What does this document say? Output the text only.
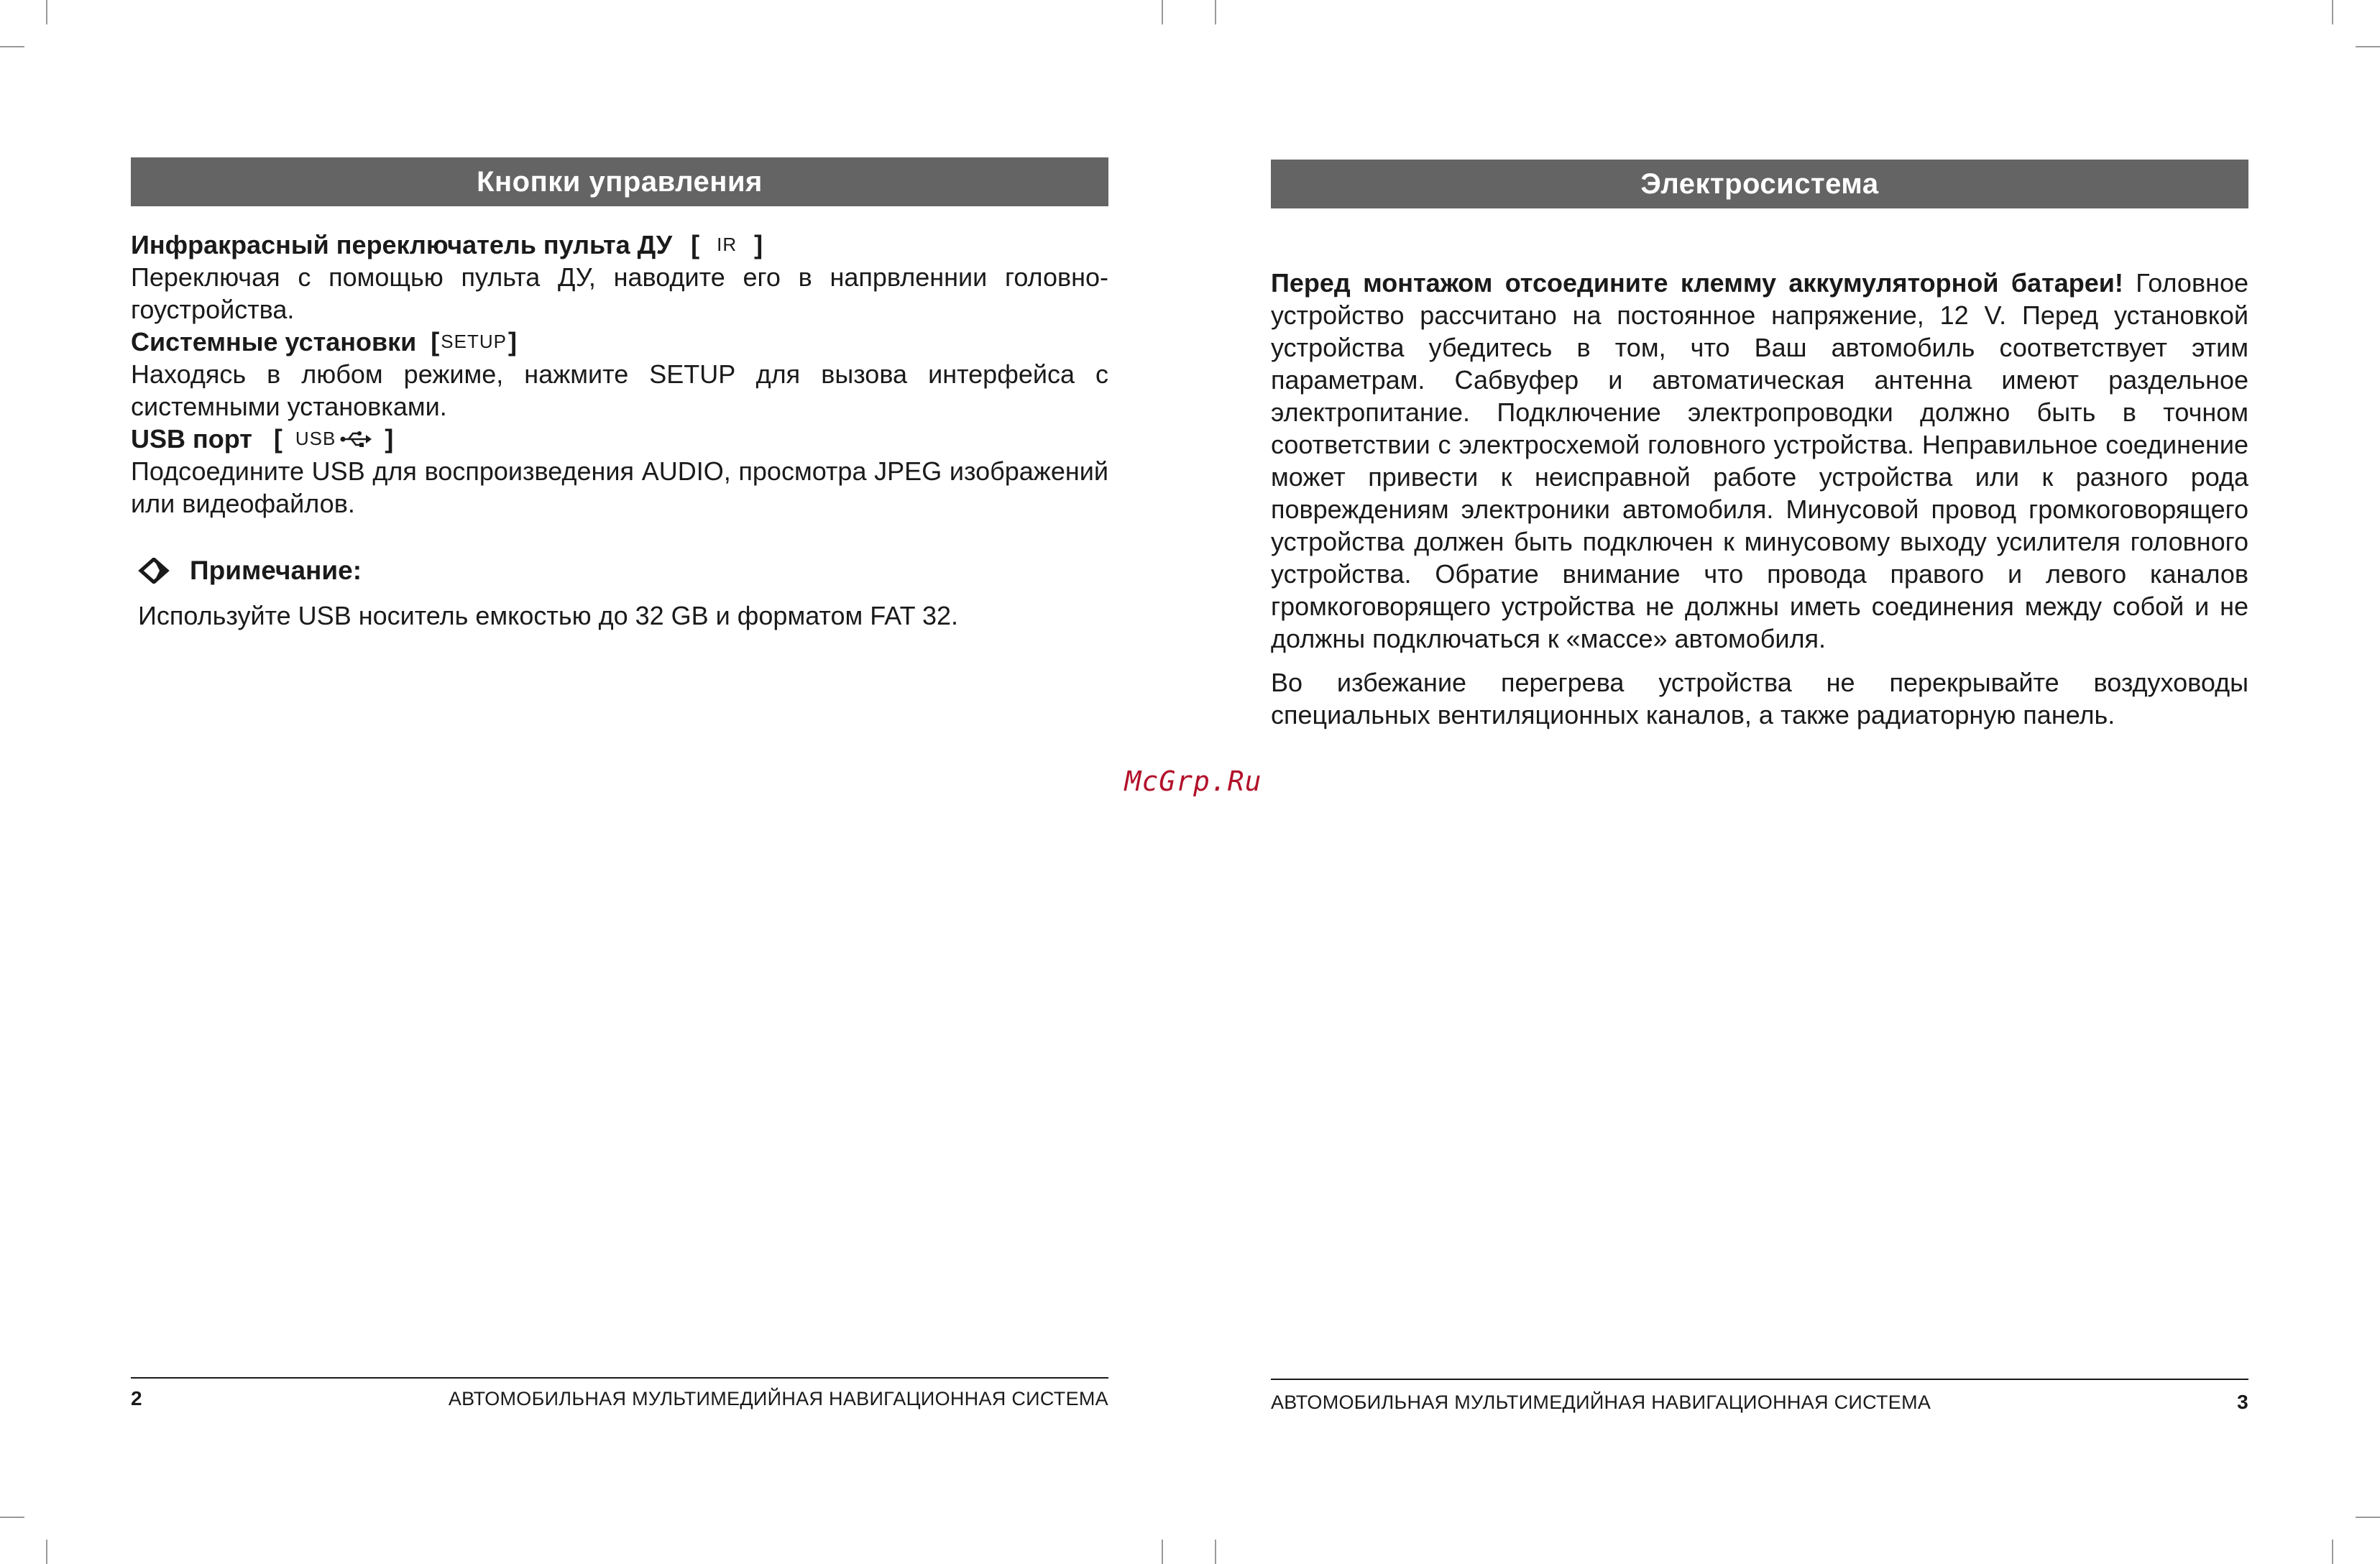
Кнопки управления
Инфракрасный переключатель пульта ДУ [ IR ]

Переключая с помощью пульта ДУ, наводите его в напрвленнии головно-гоустройства.

Системные установки [ SETUP ]

Находясь в любом режиме, нажмите SETUP для вызова интерфейса с системными установками.

USB порт [ USB ]

Подсоедините USB для воспроизведения AUDIO, просмотра JPEG изображений или видеофайлов.

Примечание:
Используйте USB носитель емкостью до 32 GB и форматом FAT 32.
2	АВТОМОБИЛЬНАЯ МУЛЬТИМЕДИЙНАЯ НАВИГАЦИОННАЯ СИСТЕМА
Электросистема

Перед монтажом отсоедините клемму аккумуляторной батареи! Головное устройство рассчитано на постоянное напряжение, 12 V. Перед установкой устройства убедитесь в том, что Ваш автомобиль соответствует этим параметрам. Сабвуфер и автоматическая антенна имеют раздельное электропитание. Подключение электропроводки должно быть в точном соответствии с электросхемой головного устройства. Неправильное соединение может привести к неисправной работе устройства или к разного рода повреждениям электроники автомобиля. Минусовой провод громкоговорящего устройства должен быть подключен к минусовому выходу усилителя головного устройства. Обратие внимание что провода правого и левого каналов громкоговорящего устройства не должны иметь соединения между собой и не должны подключаться к «массе» автомобиля.

Во избежание перегрева устройства не перекрывайте воздуховоды специальных вентиляционных каналов, а также радиаторную панель.

АВТОМОБИЛЬНАЯ МУЛЬТИМЕДИЙНАЯ НАВИГАЦИОННАЯ СИСТЕМА	3
McGrp.Ru
